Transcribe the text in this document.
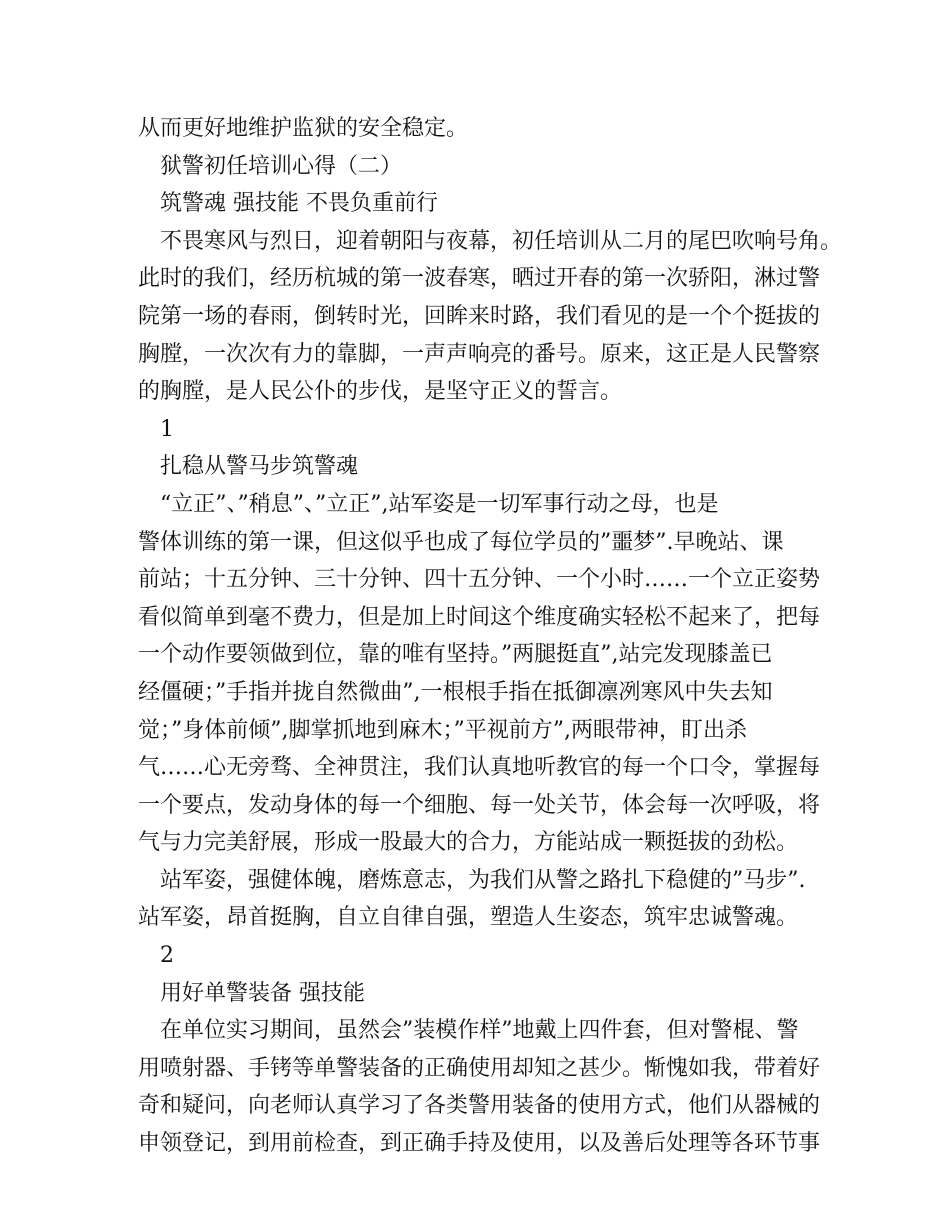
从而更好地维护监狱的安全稳定。
狱警初任培训心得（二）
筑警魂 强技能 不畏负重前行
不畏寒风与烈日，迎着朝阳与夜幕，初任培训从二月的尾巴吹响号角。
此时的我们，经历杭城的第一波春寒，晒过开春的第一次骄阳，淋过警
院第一场的春雨，倒转时光，回眸来时路，我们看见的是一个个挺拔的
胸膛，一次次有力的靠脚，一声声响亮的番号。原来，这正是人民警察
的胸膛，是人民公仆的步伐，是坚守正义的誓言。
1
扎稳从警马步筑警魂
“立正”、”稍息”、”立正”,站军姿是一切军事行动之母，也是
警体训练的第一课，但这似乎也成了每位学员的”噩梦”.早晚站、课
前站；十五分钟、三十分钟、四十五分钟、一个小时……一个立正姿势
看似简单到毫不费力，但是加上时间这个维度确实轻松不起来了，把每
一个动作要领做到位，靠的唯有坚持。”两腿挺直”,站完发现膝盖已
经僵硬；”手指并拢自然微曲”,一根根手指在抵御凛冽寒风中失去知
觉；”身体前倾”,脚掌抓地到麻木；”平视前方”,两眼带神，盯出杀
气……心无旁骛、全神贯注，我们认真地听教官的每一个口令，掌握每
一个要点，发动身体的每一个细胞、每一处关节，体会每一次呼吸，将
气与力完美舒展，形成一股最大的合力，方能站成一颗挺拔的劲松。
站军姿，强健体魄，磨炼意志，为我们从警之路扎下稳健的”马步”.
站军姿，昂首挺胸，自立自律自强，塑造人生姿态，筑牢忠诚警魂。
2
用好单警装备 强技能
在单位实习期间，虽然会”装模作样”地戴上四件套，但对警棍、警
用喷射器、手铐等单警装备的正确使用却知之甚少。惭愧如我，带着好
奇和疑问，向老师认真学习了各类警用装备的使用方式，他们从器械的
申领登记，到用前检查，到正确手持及使用，以及善后处理等各环节事
